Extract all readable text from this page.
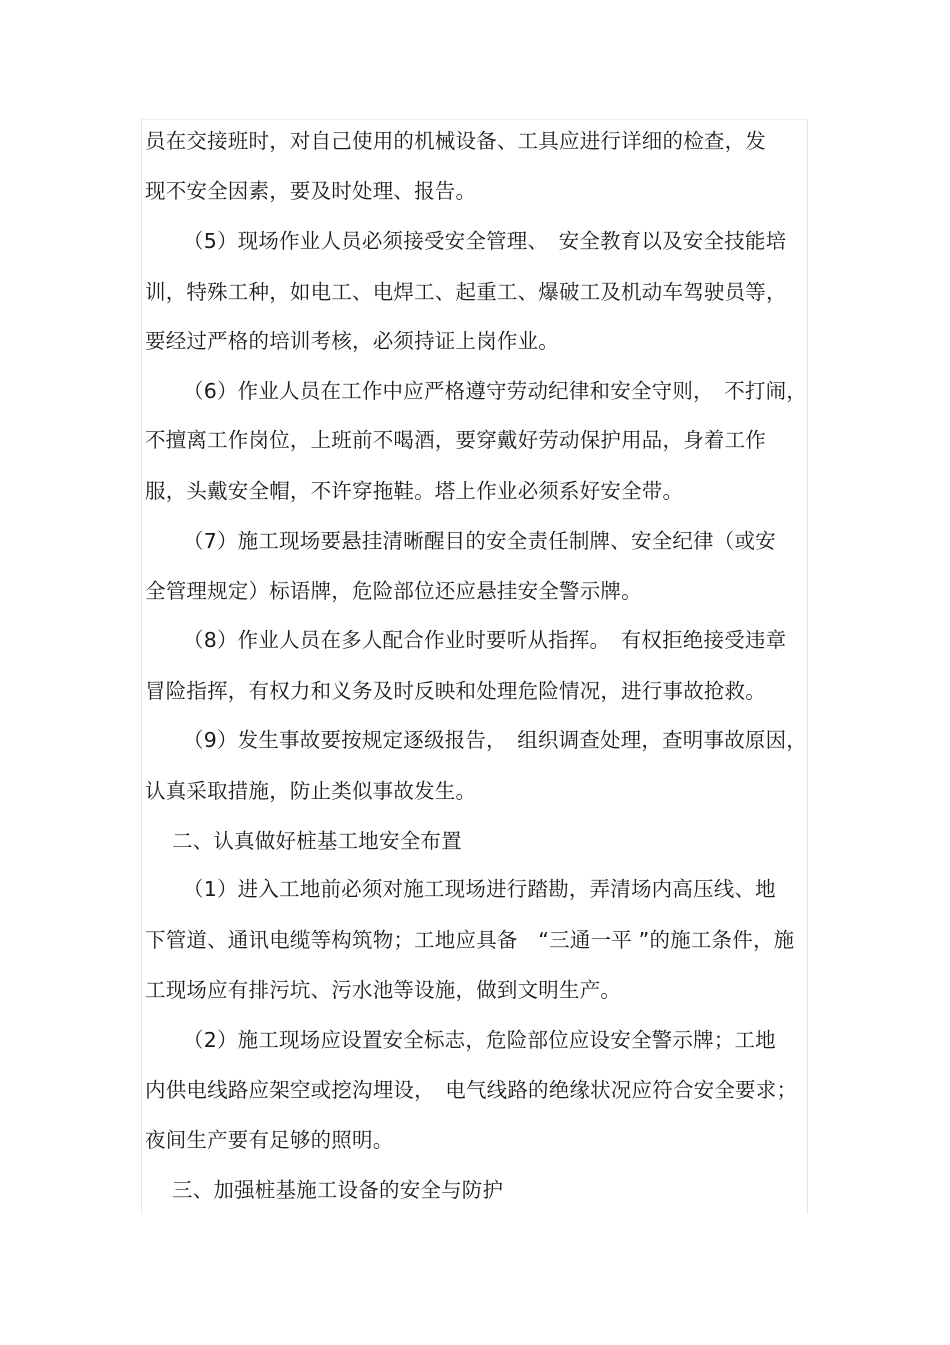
员在交接班时，对自己使用的机械设备、工具应进行详细的检查，发
现不安全因素，要及时处理、报告。
（5）现场作业人员必须接受安全管理、　安全教育以及安全技能培
训，特殊工种，如电工、电焊工、起重工、爆破工及机动车驾驶员等，
要经过严格的培训考核，必须持证上岗作业。
（6）作业人员在工作中应严格遵守劳动纪律和安全守则，　不打闹，
不擅离工作岗位，上班前不喝酒，要穿戴好劳动保护用品，身着工作
服，头戴安全帽，不许穿拖鞋。塔上作业必须系好安全带。
（7）施工现场要悬挂清晰醒目的安全责任制牌、安全纪律（或安
全管理规定）标语牌，危险部位还应悬挂安全警示牌。
（8）作业人员在多人配合作业时要听从指挥。　有权拒绝接受违章
冒险指挥，有权力和义务及时反映和处理危险情况，进行事故抢救。
（9）发生事故要按规定逐级报告，　组织调查处理，查明事故原因，
认真采取措施，防止类似事故发生。
二、认真做好桩基工地安全布置
（1）进入工地前必须对施工现场进行踏勘，弄清场内高压线、地
下管道、通讯电缆等构筑物；工地应具备　“三通一平 ”的施工条件，施
工现场应有排污坑、污水池等设施，做到文明生产。
（2）施工现场应设置安全标志，危险部位应设安全警示牌；工地
内供电线路应架空或挖沟埋设，　电气线路的绝缘状况应符合安全要求；
夜间生产要有足够的照明。
三、加强桩基施工设备的安全与防护
